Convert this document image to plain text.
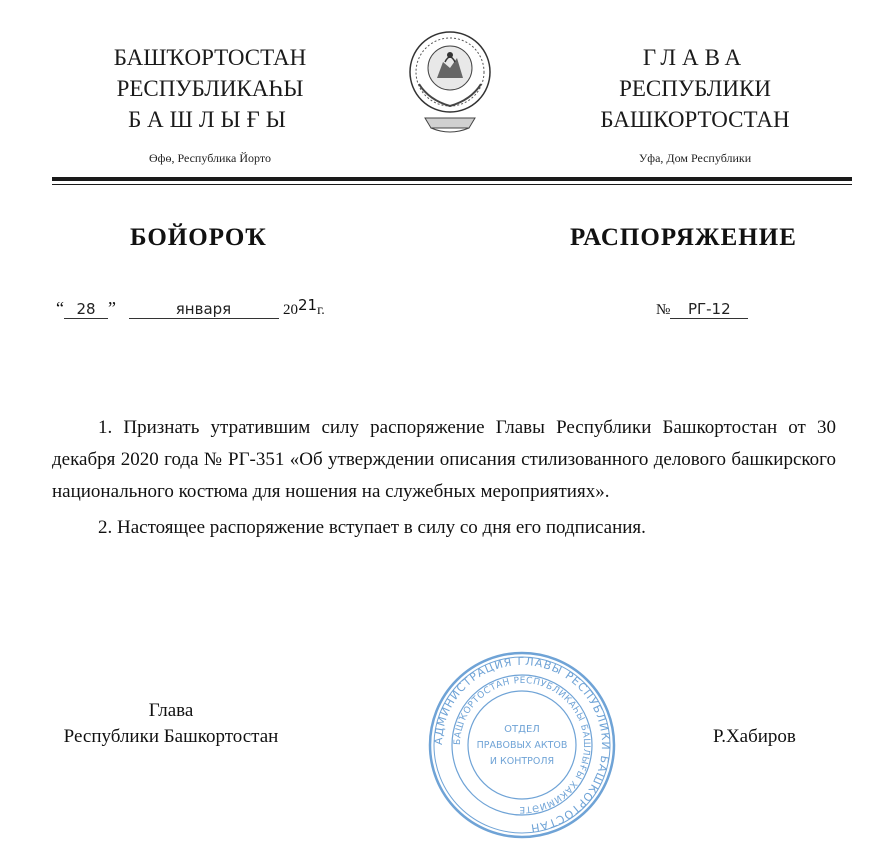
БАШҠОРТОСТАН
РЕСПУБЛИКАҺЫ
БАШЛЫҒЫ
Өфө, Республика Йорто
ГЛАВА
РЕСПУБЛИКИ
БАШКОРТОСТАН
Уфа, Дом Республики
БОЙОРОҠ	РАСПОРЯЖЕНИЕ
“ 28 ”	января	$20^{21}г$.	№ РГ-12

1. Признать утратившим силу распоряжение Главы Республики Башкортостан от 30 декабря 2020 года № РГ-351 «Об утверждении описания стилизованного делового башкирского национального костюма для ношения на служебных мероприятиях».

2. Настоящее распоряжение вступает в силу со дня его подписания.

Глава
Республики Башкортостан	Р.Хабиров
АДМИНИСТРАЦИЯ ГЛАВЫ РЕСПУБЛИКИ БАШКОРТОСТАН
БАШҠОРТОСТАН РЕСПУБЛИКАҺЫ БАШЛЫҒЫ ХАКИМИӘТЕ
ОТДЕЛ
ПРАВОВЫХ АКТОВ
И КОНТРОЛЯ
